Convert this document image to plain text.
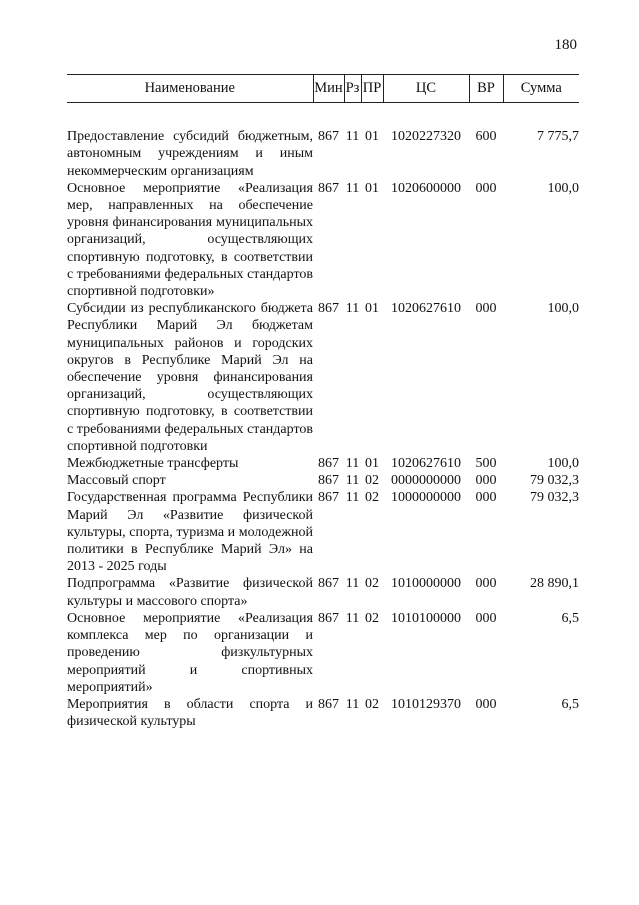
180
Наименование	Мин	Рз	ПР	ЦС	ВР	Сумма

Предоставление субсидий бюджетным, автономным учреждениям и иным некоммерческим организациям	867	11	01	1020227320	600	7 775,7
Основное мероприятие «Реализация мер, направленных на обеспечение уровня финансирования муниципальных организаций, осуществляющих спортивную подготовку, в соответствии с требованиями федеральных стандартов спортивной подготовки»	867	11	01	1020600000	000	100,0
Субсидии из республиканского бюджета Республики Марий Эл бюджетам муниципальных районов и городских округов в Республике Марий Эл на обеспечение уровня финансирования организаций, осуществляющих спортивную подготовку, в соответствии с требованиями федеральных стандартов спортивной подготовки	867	11	01	1020627610	000	100,0
Межбюджетные трансферты	867	11	01	1020627610	500	100,0
Массовый спорт	867	11	02	0000000000	000	79 032,3
Государственная программа Республики Марий Эл «Развитие физической культуры, спорта, туризма и молодежной политики в Республике Марий Эл» на 2013 - 2025 годы	867	11	02	1000000000	000	79 032,3
Подпрограмма «Развитие физической культуры и массового спорта»	867	11	02	1010000000	000	28 890,1
Основное мероприятие «Реализация комплекса мер по организации и проведению физкультурных мероприятий и спортивных мероприятий»	867	11	02	1010100000	000	6,5
Мероприятия в области спорта и физической культуры	867	11	02	1010129370	000	6,5
